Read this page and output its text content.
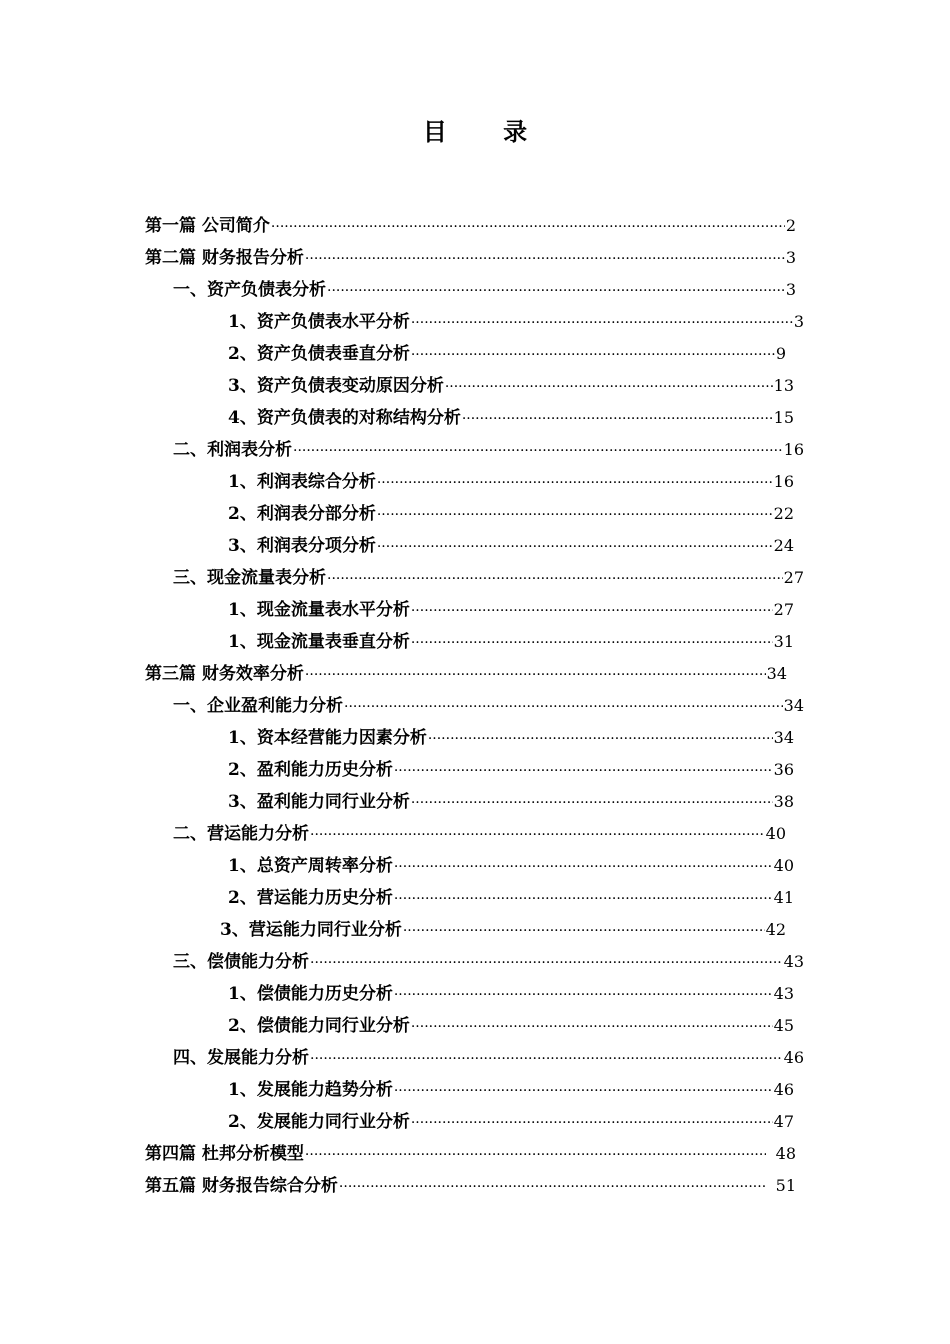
目 录
第一篇 公司简介 ·····	2
第二篇 财务报告分析 ·····	3
一、资产负债表分析 ·····	3
1、资产负债表水平分析 ·····	3
2、资产负债表垂直分析 ·····	9
3、资产负债表变动原因分析 ·····	13
4、资产负债表的对称结构分析 ·····	15
二、利润表分析 ·····	16
1、利润表综合分析 ·····	16
2、利润表分部分析 ·····	22
3、利润表分项分析 ·····	24
三、现金流量表分析 ·····	27
1、现金流量表水平分析 ·····	27
1、现金流量表垂直分析 ·····	31
第三篇 财务效率分析 ·····	34
一、企业盈利能力分析 ·····	34
1、资本经营能力因素分析 ·····	34
2、盈利能力历史分析 ·····	36
3、盈利能力同行业分析 ·····	38
二、营运能力分析 ·····	40
1、总资产周转率分析 ·····	40
2、营运能力历史分析 ·····	41
3、营运能力同行业分析 ·····	42
三、偿债能力分析 ·····	43
1、偿债能力历史分析 ·····	43
2、偿债能力同行业分析 ·····	45
四、发展能力分析 ·····	46
1、发展能力趋势分析 ·····	46
2、发展能力同行业分析 ·····	47
第四篇 杜邦分析模型 ·····	48
第五篇 财务报告综合分析 ·····	51
